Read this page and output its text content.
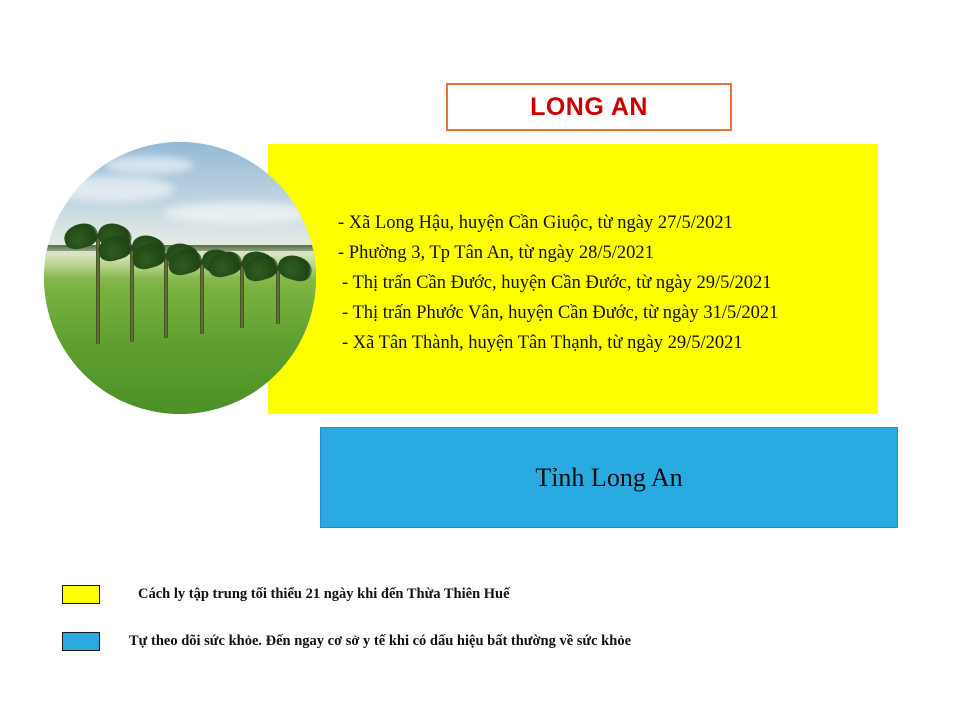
LONG AN
- Xã Long Hậu, huyện Cần Giuộc, từ ngày 27/5/2021
- Phường 3, Tp Tân An, từ ngày 28/5/2021
- Thị trấn Cần Đước, huyện Cần Đước, từ ngày 29/5/2021
- Thị trấn Phước Vân, huyện Cần Đước, từ ngày 31/5/2021
- Xã Tân Thành, huyện Tân Thạnh, từ ngày 29/5/2021
Tỉnh Long An
Cách ly tập trung tối thiểu 21 ngày khi đến Thừa Thiên Huế
Tự theo dõi sức khỏe. Đến ngay cơ sở y tế khi có dấu hiệu bất thường về sức khỏe
